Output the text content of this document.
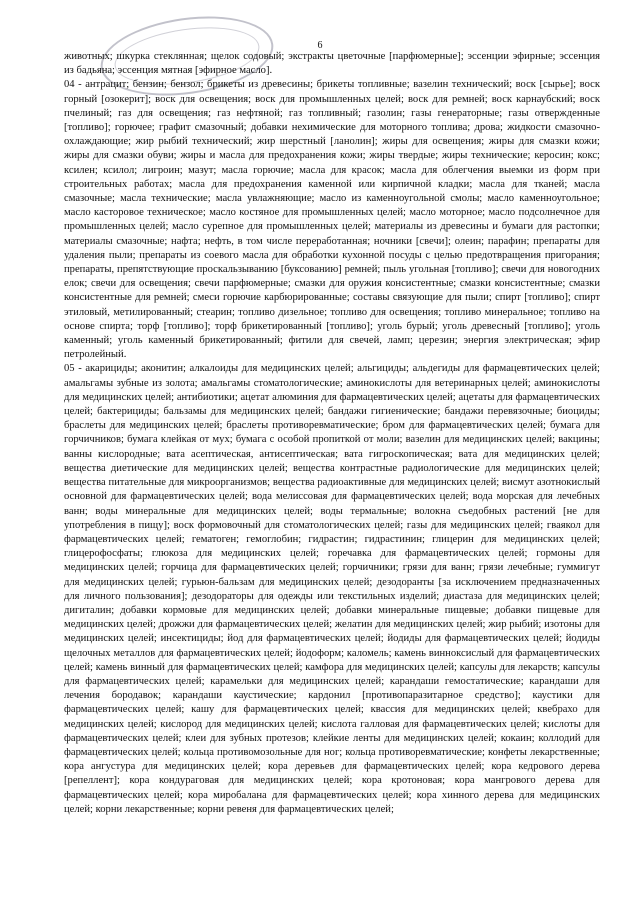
6

животных; шкурка стеклянная; щелок содовый; экстракты цветочные [парфюмерные]; эссенции эфирные; эссенция из бадьяна; эссенция мятная [эфирное масло].

04 - антрацит; бензин; бензол; брикеты из древесины; брикеты топливные; вазелин технический; воск [сырье]; воск горный [озокерит]; воск для освещения; воск для промышленных целей; воск для ремней; воск карнаубский; воск пчелиный; газ для освещения; газ нефтяной; газ топливный; газолин; газы генераторные; газы отвержденные [топливо]; горючее; графит смазочный; добавки нехимические для моторного топлива; дрова; жидкости смазочно-охлаждающие; жир рыбий технический; жир шерстный [ланолин]; жиры для освещения; жиры для смазки кожи; жиры для смазки обуви; жиры и масла для предохранения кожи; жиры твердые; жиры технические; керосин; кокс; ксилен; ксилол; лигроин; мазут; масла горючие; масла для красок; масла для облегчения выемки из форм при строительных работах; масла для предохранения каменной или кирпичной кладки; масла для тканей; масла смазочные; масла технические; масла увлажняющие; масло из каменноугольной смолы; масло каменноугольное; масло касторовое техническое; масло костяное для промышленных целей; масло моторное; масло подсолнечное для промышленных целей; масло сурепное для промышленных целей; материалы из древесины и бумаги для растопки; материалы смазочные; нафта; нефть, в том числе переработанная; ночники [свечи]; олеин; парафин; препараты для удаления пыли; препараты из соевого масла для обработки кухонной посуды с целью предотвращения пригорания; препараты, препятствующие проскальзыванию [буксованию] ремней; пыль угольная [топливо]; свечи для новогодних елок; свечи для освещения; свечи парфюмерные; смазки для оружия консистентные; смазки консистентные; смазки консистентные для ремней; смеси горючие карбюрированные; составы связующие для пыли; спирт [топливо]; спирт этиловый, метилированный; стеарин; топливо дизельное; топливо для освещения; топливо минеральное; топливо на основе спирта; торф [топливо]; торф брикетированный [топливо]; уголь бурый; уголь древесный [топливо]; уголь каменный; уголь каменный брикетированный; фитили для свечей, ламп; церезин; энергия электрическая; эфир петролейный.

05 - акарициды; аконитин; алкалоиды для медицинских целей; альгициды; альдегиды для фармацевтических целей; амальгамы зубные из золота; амальгамы стоматологические; аминокислоты для ветеринарных целей; аминокислоты для медицинских целей; антибиотики; ацетат алюминия для фармацевтических целей; ацетаты для фармацевтических целей; бактерициды; бальзамы для медицинских целей; бандажи гигиенические; бандажи перевязочные; биоциды; браслеты для медицинских целей; браслеты противоревматические; бром для фармацевтических целей; бумага для горчичников; бумага клейкая от мух; бумага с особой пропиткой от моли; вазелин для медицинских целей; вакцины; ванны кислородные; вата асептическая, антисептическая; вата гигроскопическая; вата для медицинских целей; вещества диетические для медицинских целей; вещества контрастные радиологические для медицинских целей; вещества питательные для микроорганизмов; вещества радиоактивные для медицинских целей; висмут азотнокислый основной для фармацевтических целей; вода мелиссовая для фармацевтических целей; вода морская для лечебных ванн; воды минеральные для медицинских целей; воды термальные; волокна съедобных растений [не для употребления в пищу]; воск формовочный для стоматологических целей; газы для медицинских целей; гваякол для фармацевтических целей; гематоген; гемоглобин; гидрастин; гидрастинин; глицерин для медицинских целей; глицерофосфаты; глюкоза для медицинских целей; горечавка для фармацевтических целей; гормоны для медицинских целей; горчица для фармацевтических целей; горчичники; грязи для ванн; грязи лечебные; гуммигут для медицинских целей; гурьюн-бальзам для медицинских целей; дезодоранты [за исключением предназначенных для личного пользования]; дезодораторы для одежды или текстильных изделий; диастаза для медицинских целей; дигиталин; добавки кормовые для медицинских целей; добавки минеральные пищевые; добавки пищевые для медицинских целей; дрожжи для фармацевтических целей; желатин для медицинских целей; жир рыбий; изотоны для медицинских целей; инсектициды; йод для фармацевтических целей; йодиды для фармацевтических целей; йодиды щелочных металлов для фармацевтических целей; йодоформ; каломель; камень винноксислый для фармацевтических целей; камень винный для фармацевтических целей; камфора для медицинских целей; капсулы для лекарств; капсулы для фармацевтических целей; карамельки для медицинских целей; карандаши гемостатические; карандаши для лечения бородавок; карандаши каустические; кардонил [противопаразитарное средство]; каустики для фармацевтических целей; кашу для фармацевтических целей; квассия для медицинских целей; квебрахо для медицинских целей; кислород для медицинских целей; кислота галловая для фармацевтических целей; кислоты для фармацевтических целей; клеи для зубных протезов; клейкие ленты для медицинских целей; кокаин; коллодий для фармацевтических целей; кольца противомозольные для ног; кольца противоревматические; конфеты лекарственные; кора ангустура для медицинских целей; кора деревьев для фармацевтических целей; кора кедрового дерева [репеллент]; кора кондураговая для медицинских целей; кора кротоновая; кора мангрового дерева для фармацевтических целей; кора миробалана для фармацевтических целей; кора хинного дерева для медицинских целей; корни лекарственные; корни ревеня для фармацевтических целей;
